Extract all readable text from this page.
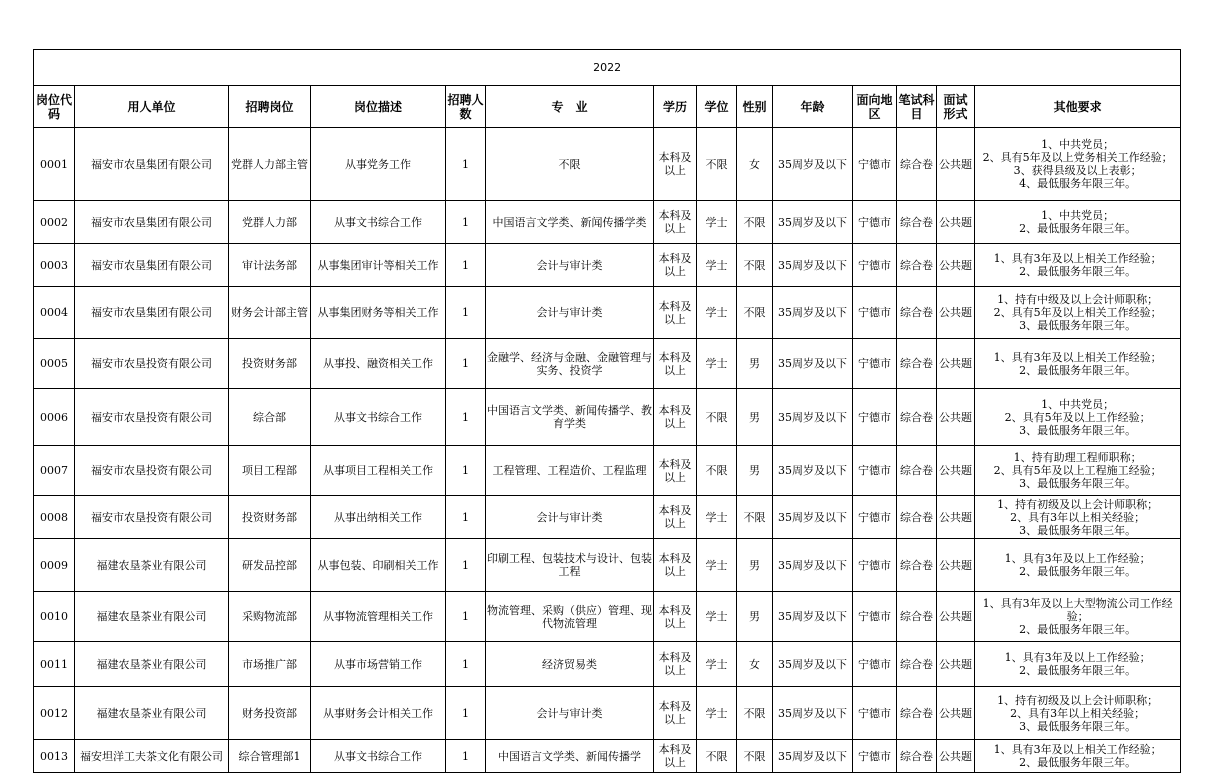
2022													
岗位代码	用人单位	招聘岗位	岗位描述	招聘人数	专　业	学历	学位	性别	年龄	面向地区	笔试科目	面试形式	其他要求
0001	福安市农垦集团有限公司	党群人力部主管	从事党务工作	1	不限	本科及以上	不限	女	35周岁及以下	宁德市	综合卷	公共题	1、中共党员；
2、具有5年及以上党务相关工作经验；
3、获得县级及以上表彰；
4、最低服务年限三年。
0002	福安市农垦集团有限公司	党群人力部	从事文书综合工作	1	中国语言文学类、新闻传播学类	本科及以上	学士	不限	35周岁及以下	宁德市	综合卷	公共题	1、中共党员；
2、最低服务年限三年。
0003	福安市农垦集团有限公司	审计法务部	从事集团审计等相关工作	1	会计与审计类	本科及以上	学士	不限	35周岁及以下	宁德市	综合卷	公共题	1、具有3年及以上相关工作经验；
2、最低服务年限三年。
0004	福安市农垦集团有限公司	财务会计部主管	从事集团财务等相关工作	1	会计与审计类	本科及以上	学士	不限	35周岁及以下	宁德市	综合卷	公共题	1、持有中级及以上会计师职称；
2、具有5年及以上相关工作经验；
3、最低服务年限三年。
0005	福安市农垦投资有限公司	投资财务部	从事投、融资相关工作	1	金融学、经济与金融、金融管理与实务、投资学	本科及以上	学士	男	35周岁及以下	宁德市	综合卷	公共题	1、具有3年及以上相关工作经验；
2、最低服务年限三年。
0006	福安市农垦投资有限公司	综合部	从事文书综合工作	1	中国语言文学类、新闻传播学、教育学类	本科及以上	不限	男	35周岁及以下	宁德市	综合卷	公共题	1、中共党员；
2、具有5年及以上工作经验；
3、最低服务年限三年。
0007	福安市农垦投资有限公司	项目工程部	从事项目工程相关工作	1	工程管理、工程造价、工程监理	本科及以上	不限	男	35周岁及以下	宁德市	综合卷	公共题	1、持有助理工程师职称；
2、具有5年及以上工程施工经验；
3、最低服务年限三年。
0008	福安市农垦投资有限公司	投资财务部	从事出纳相关工作	1	会计与审计类	本科及以上	学士	不限	35周岁及以下	宁德市	综合卷	公共题	1、持有初级及以上会计师职称；
2、具有3年以上相关经验；
3、最低服务年限三年。
0009	福建农垦茶业有限公司	研发品控部	从事包装、印刷相关工作	1	印刷工程、包装技术与设计、包装工程	本科及以上	学士	男	35周岁及以下	宁德市	综合卷	公共题	1、具有3年及以上工作经验；
2、最低服务年限三年。
0010	福建农垦茶业有限公司	采购物流部	从事物流管理相关工作	1	物流管理、采购（供应）管理、现代物流管理	本科及以上	学士	男	35周岁及以下	宁德市	综合卷	公共题	1、具有3年及以上大型物流公司工作经验；
2、最低服务年限三年。
0011	福建农垦茶业有限公司	市场推广部	从事市场营销工作	1	经济贸易类	本科及以上	学士	女	35周岁及以下	宁德市	综合卷	公共题	1、具有3年及以上工作经验；
2、最低服务年限三年。
0012	福建农垦茶业有限公司	财务投资部	从事财务会计相关工作	1	会计与审计类	本科及以上	学士	不限	35周岁及以下	宁德市	综合卷	公共题	1、持有初级及以上会计师职称；
2、具有3年以上相关经验；
3、最低服务年限三年。
0013	福安坦洋工夫茶文化有限公司	综合管理部1	从事文书综合工作	1	中国语言文学类、新闻传播学	本科及以上	不限	不限	35周岁及以下	宁德市	综合卷	公共题	1、具有3年及以上相关工作经验；
2、最低服务年限三年。
